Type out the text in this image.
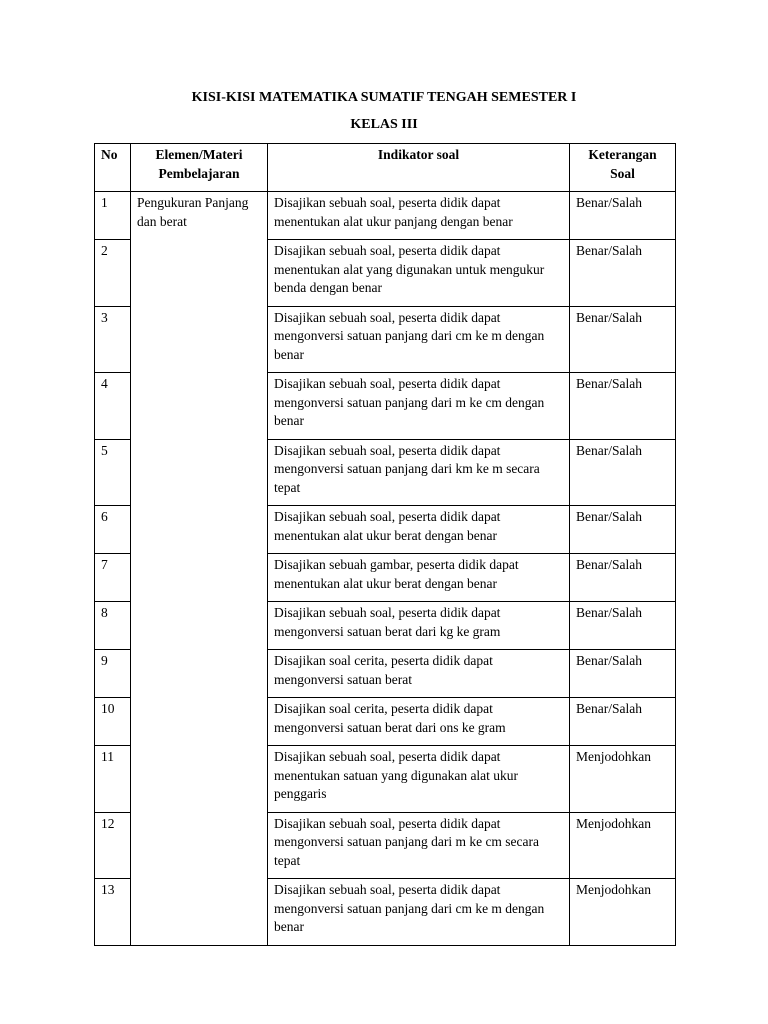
KISI-KISI MATEMATIKA SUMATIF TENGAH SEMESTER I
KELAS III
No	Elemen/Materi Pembelajaran	Indikator soal	Keterangan Soal
1	Pengukuran Panjang dan berat	Disajikan sebuah soal, peserta didik dapat menentukan alat ukur panjang dengan benar	Benar/Salah
2		Disajikan sebuah soal, peserta didik dapat menentukan alat yang digunakan untuk mengukur benda dengan benar	Benar/Salah
3		Disajikan sebuah soal, peserta didik dapat mengonversi satuan panjang dari cm ke m dengan benar	Benar/Salah
4		Disajikan sebuah soal, peserta didik dapat mengonversi satuan panjang dari m ke cm dengan benar	Benar/Salah
5		Disajikan sebuah soal, peserta didik dapat mengonversi satuan panjang dari km ke m secara tepat	Benar/Salah
6		Disajikan sebuah soal, peserta didik dapat menentukan alat ukur berat dengan benar	Benar/Salah
7		Disajikan sebuah gambar, peserta didik dapat menentukan alat ukur berat dengan benar	Benar/Salah
8		Disajikan sebuah soal, peserta didik dapat mengonversi satuan berat dari kg ke gram	Benar/Salah
9		Disajikan soal cerita, peserta didik dapat mengonversi satuan berat	Benar/Salah
10		Disajikan soal cerita, peserta didik dapat mengonversi satuan berat dari ons ke gram	Benar/Salah
11		Disajikan sebuah soal, peserta didik dapat menentukan satuan yang digunakan alat ukur penggaris	Menjodohkan
12		Disajikan sebuah soal, peserta didik dapat mengonversi satuan panjang dari m ke cm secara tepat	Menjodohkan
13		Disajikan sebuah soal, peserta didik dapat mengonversi satuan panjang dari cm ke m dengan benar	Menjodohkan
